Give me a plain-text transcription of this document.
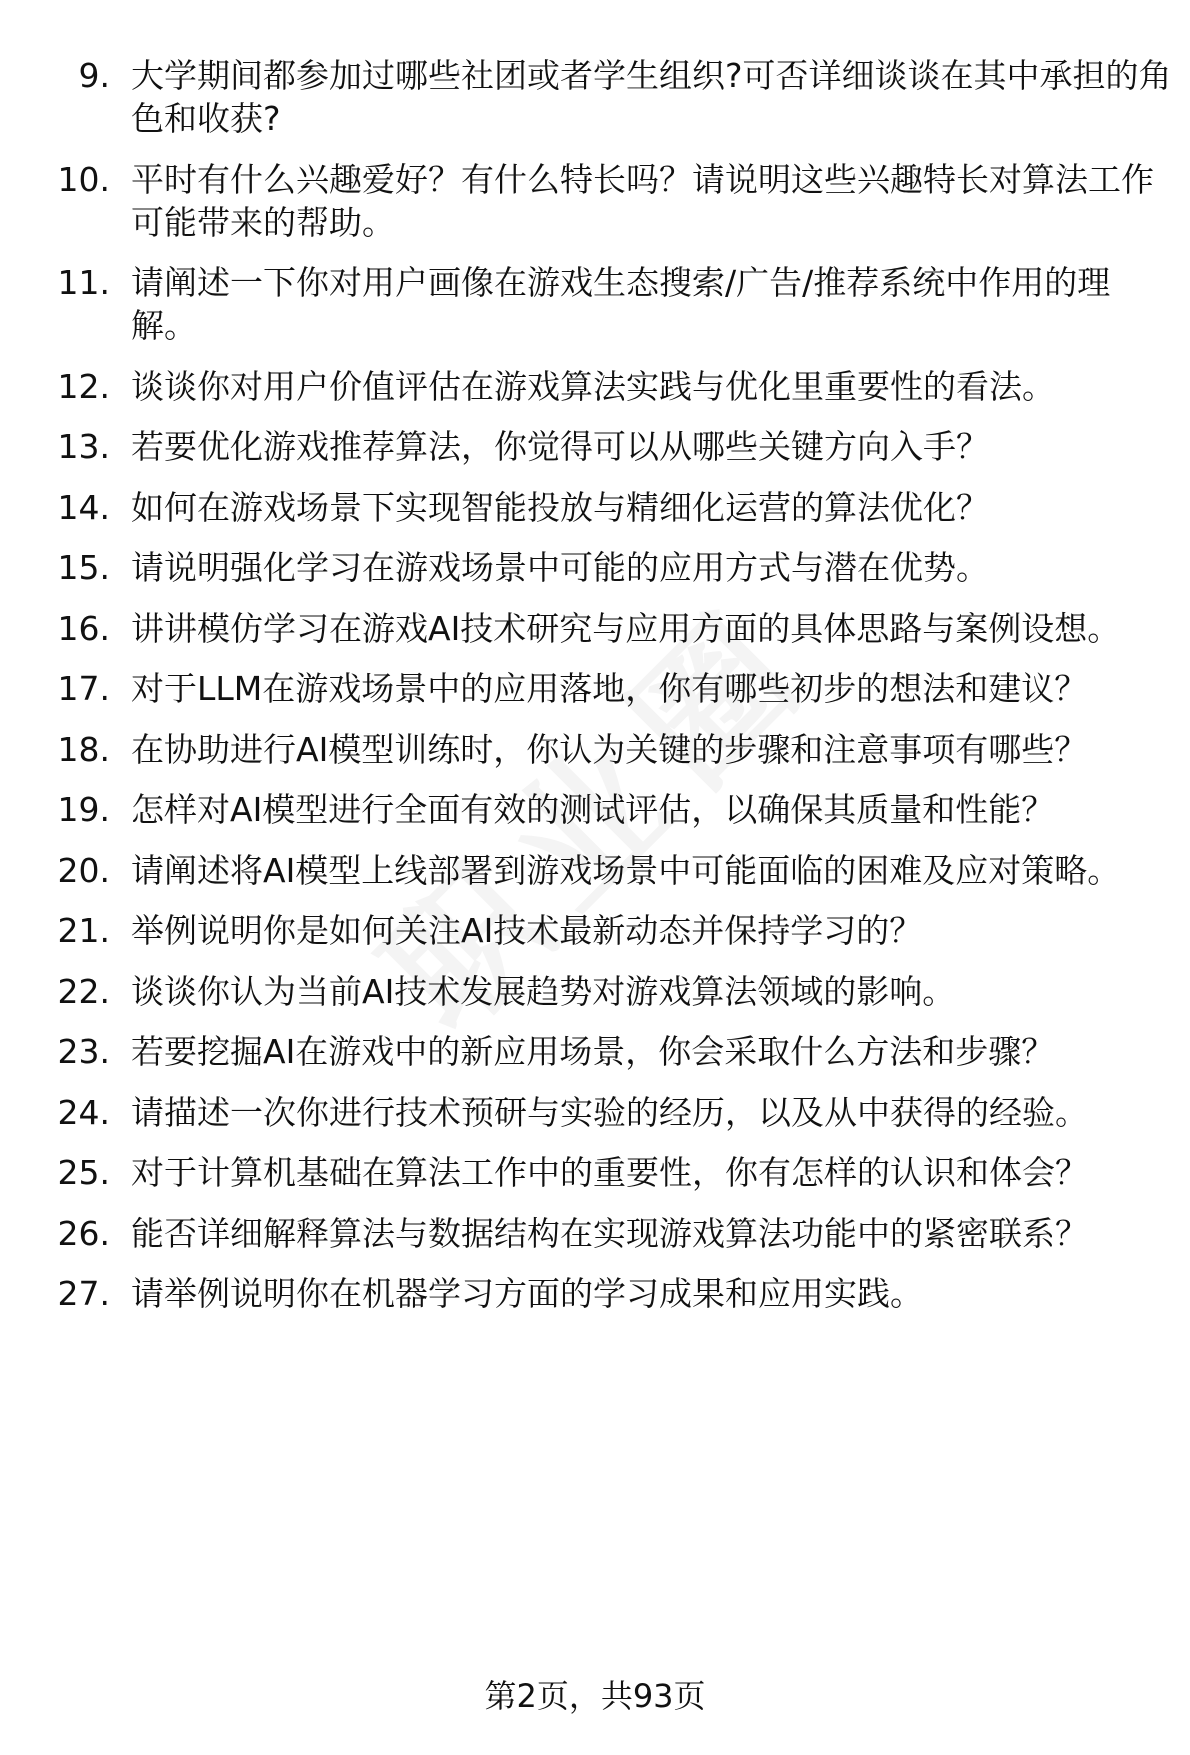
9. 大学期间都参加过哪些社团或者学生组织?可否详细谈谈在其中承担的角色和收获?
10. 平时有什么兴趣爱好？有什么特长吗？请说明这些兴趣特长对算法工作可能带来的帮助。
11. 请阐述一下你对用户画像在游戏生态搜索/广告/推荐系统中作用的理解。
12. 谈谈你对用户价值评估在游戏算法实践与优化里重要性的看法。
13. 若要优化游戏推荐算法，你觉得可以从哪些关键方向入手？
14. 如何在游戏场景下实现智能投放与精细化运营的算法优化？
15. 请说明强化学习在游戏场景中可能的应用方式与潜在优势。
16. 讲讲模仿学习在游戏AI技术研究与应用方面的具体思路与案例设想。
17. 对于LLM在游戏场景中的应用落地，你有哪些初步的想法和建议？
18. 在协助进行AI模型训练时，你认为关键的步骤和注意事项有哪些？
19. 怎样对AI模型进行全面有效的测试评估，以确保其质量和性能？
20. 请阐述将AI模型上线部署到游戏场景中可能面临的困难及应对策略。
21. 举例说明你是如何关注AI技术最新动态并保持学习的？
22. 谈谈你认为当前AI技术发展趋势对游戏算法领域的影响。
23. 若要挖掘AI在游戏中的新应用场景，你会采取什么方法和步骤？
24. 请描述一次你进行技术预研与实验的经历，以及从中获得的经验。
25. 对于计算机基础在算法工作中的重要性，你有怎样的认识和体会？
26. 能否详细解释算法与数据结构在实现游戏算法功能中的紧密联系？
27. 请举例说明你在机器学习方面的学习成果和应用实践。
第2页，共93页
